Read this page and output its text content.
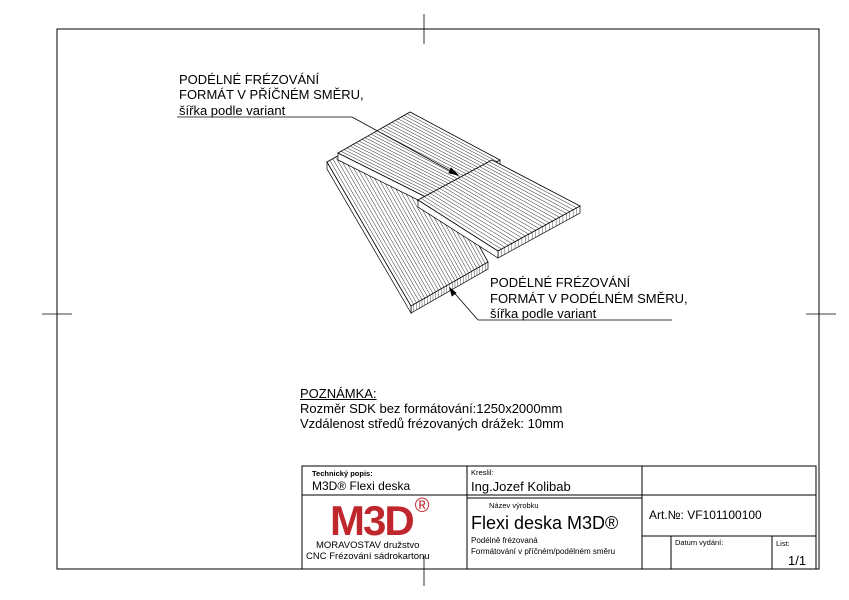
PODÉLNÉ FRÉZOVÁNÍ
FORMÁT V PŘÍČNÉM SMĚRU,
šířka podle variant
PODÉLNÉ FRÉZOVÁNÍ
FORMÁT V PODÉLNÉM SMĚRU,
šířka podle variant
POZNÁMKA:
Rozměr SDK bez formátování:1250x2000mm
Vzdálenost středů frézovaných drážek: 10mm
Technický popis:
M3D® Flexi deska
Kreslil:
Ing.Jozef Kolibab
Název výrobku
Flexi deska M3D®
Podélně frézovaná
Formátování v příčném/podélném směru
Art.№: VF101100100
Datum vydání:	List:
1/1
M3D ®
MORAVOSTAV družstvo
CNC Frézování sádrokartonu
